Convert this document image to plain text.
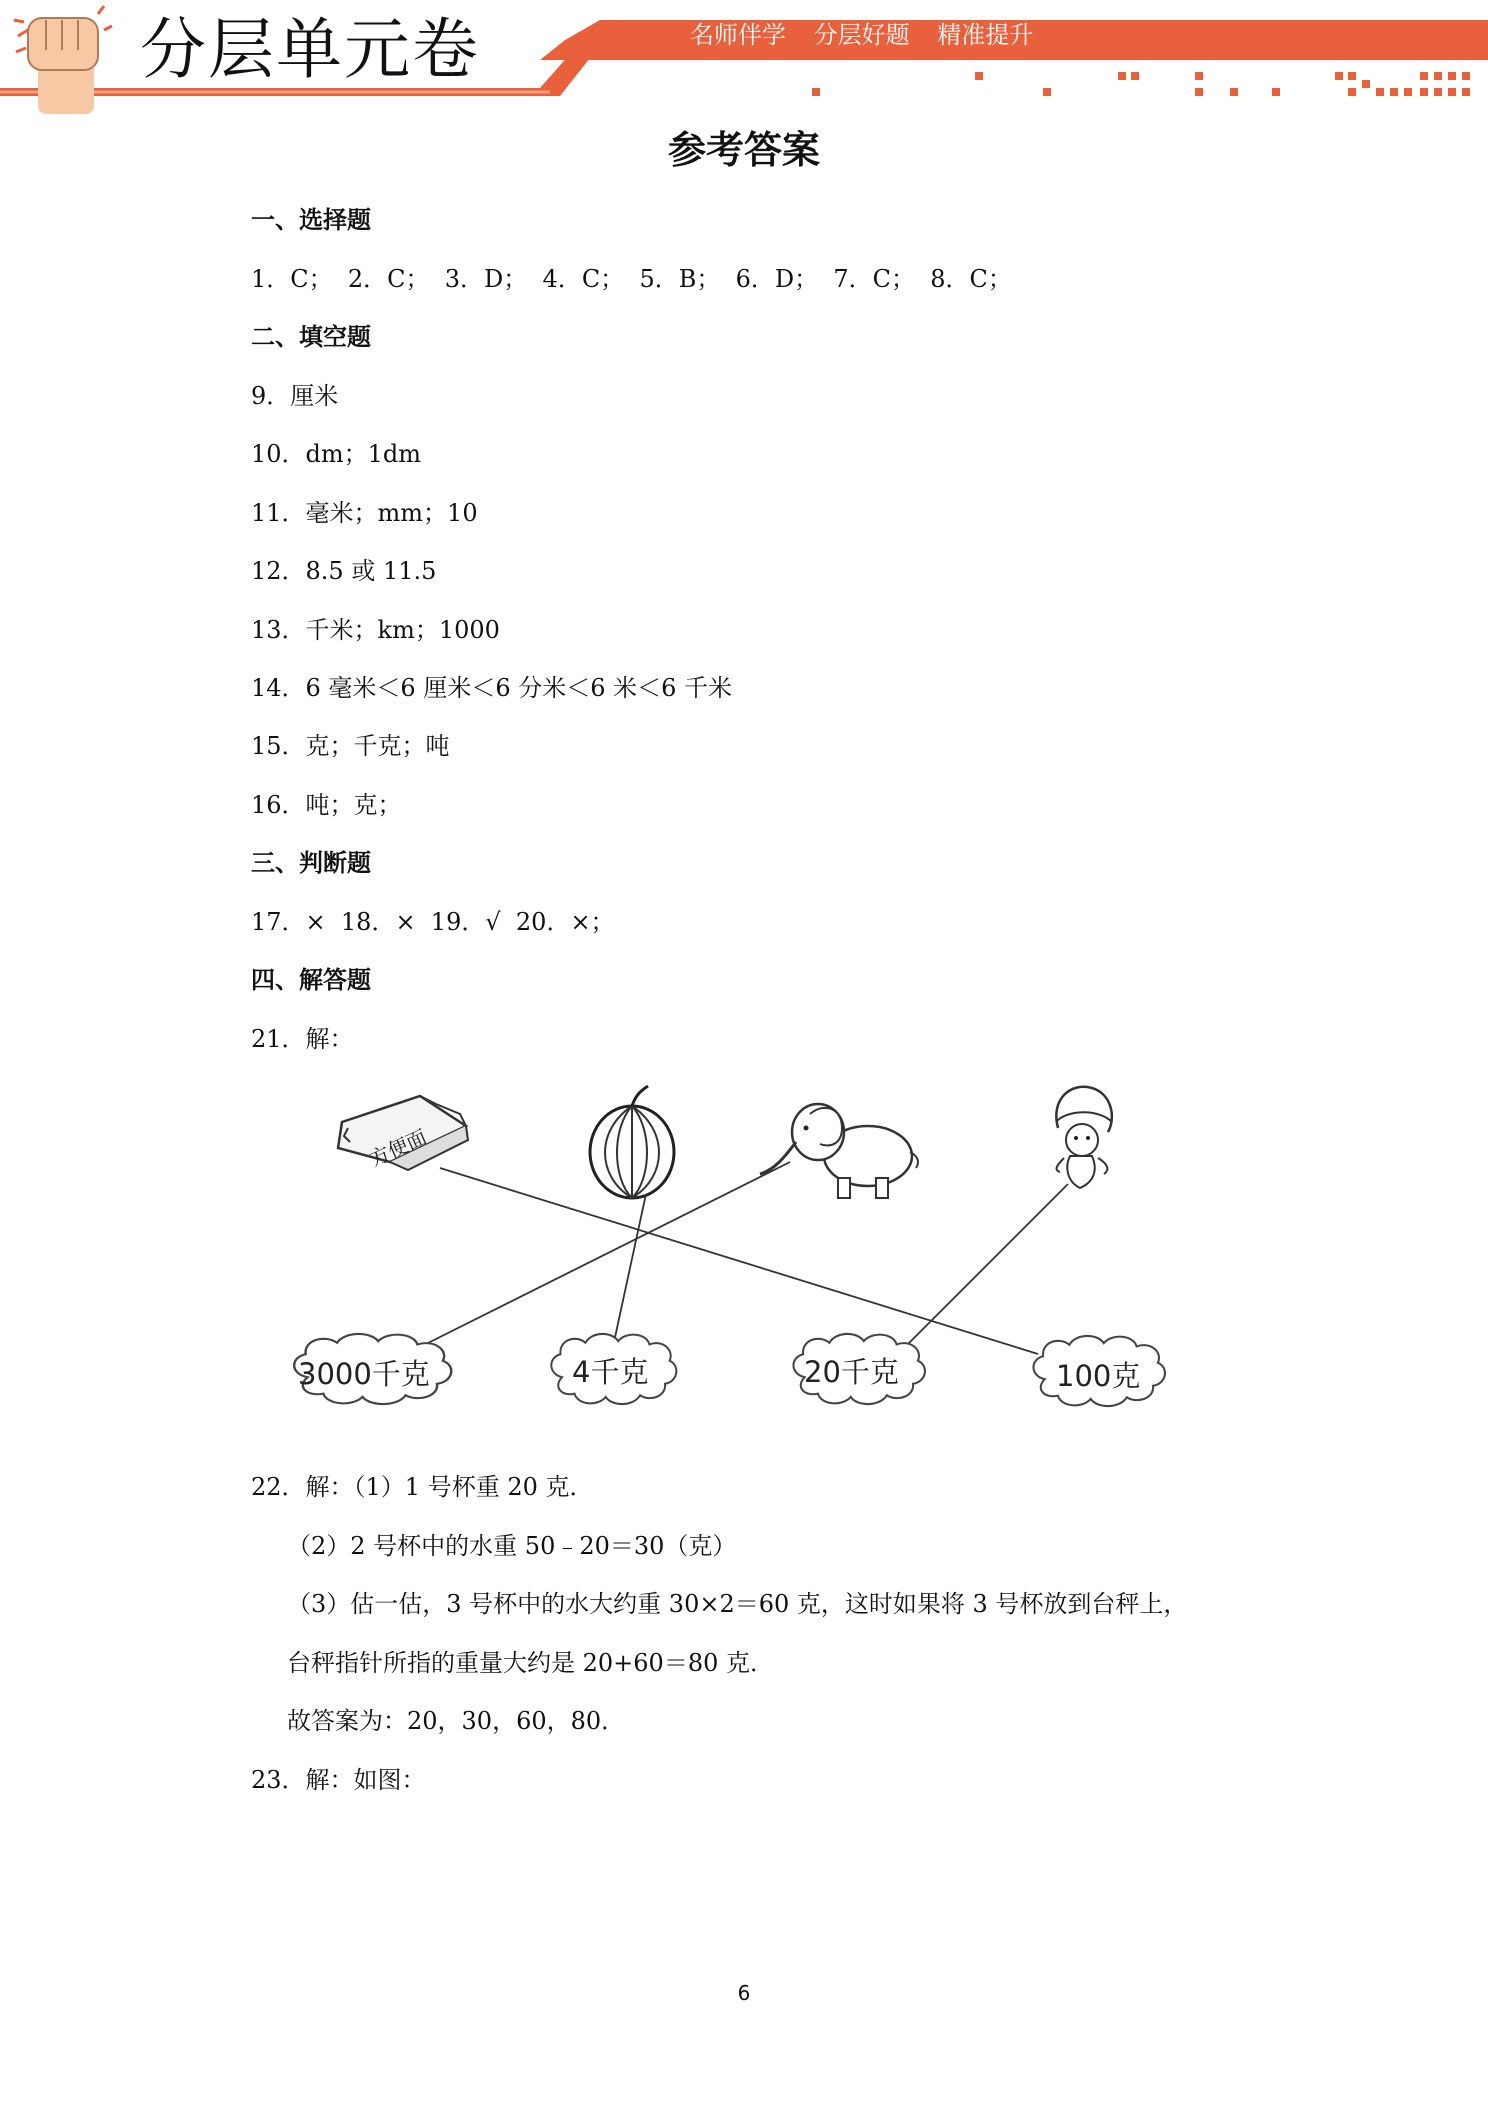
分层单元卷	名师伴学 分层好题 精准提升
参考答案
一、选择题
1．C；  2．C；  3．D；  4．C；  5．B；  6．D；  7．C；  8．C；
二、填空题
9．厘米
10．dm；1dm
11．毫米；mm；10
12．8.5 或 11.5
13．千米；km；1000
14．6 毫米＜6 厘米＜6 分米＜6 米＜6 千米
15．克；千克；吨
16．吨；克；
三、判断题
17．×  18．×  19．√  20．×；
四、解答题
21．解：
3000千克	4千克	20千克	100克
方便面
22．解：（1）1 号杯重 20 克．
（2）2 号杯中的水重 50﹣20＝30（克）
（3）估一估，3 号杯中的水大约重 30×2＝60 克，这时如果将 3 号杯放到台秤上，
台秤指针所指的重量大约是 20+60＝80 克．
故答案为：20，30，60，80．
23．解：如图：
6
